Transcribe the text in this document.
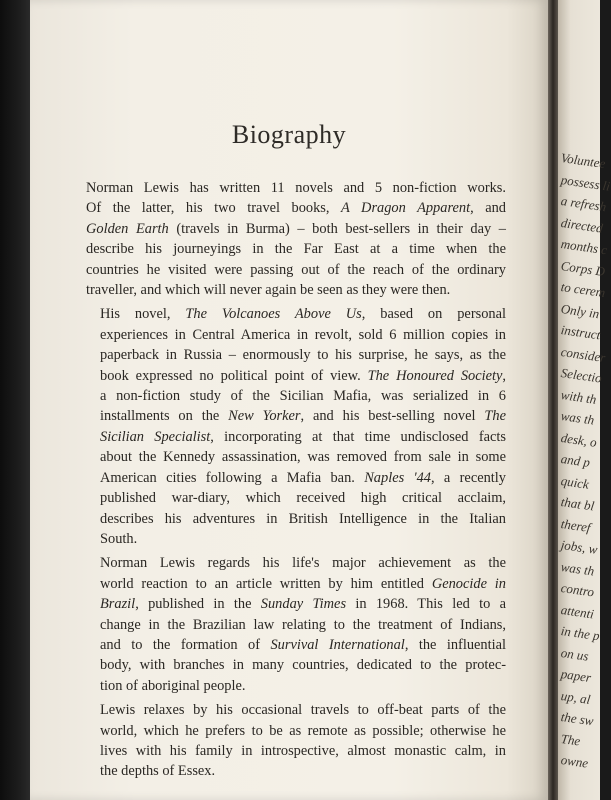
Voluntee
possess li
a refresh
directed
months c
Corps D
to cerem
Only in
instruct
consider
Selectio
with th
was th
desk, o
and p
quick
that bl
theref
jobs, w
was th
contro
attenti
in the p
on us
paper
up, al
the sw
The
owne
Biography

Norman Lewis has written 11 novels and 5 non-fiction works.
Of the latter, his two travel books, A Dragon Apparent, and
Golden Earth (travels in Burma) – both best-sellers in their day –
describe his journeyings in the Far East at a time when the
countries he visited were passing out of the reach of the ordinary
traveller, and which will never again be seen as they were then.

His novel, The Volcanoes Above Us, based on personal
experiences in Central America in revolt, sold 6 million copies in
paperback in Russia – enormously to his surprise, he says, as the
book expressed no political point of view. The Honoured Society,
a non-fiction study of the Sicilian Mafia, was serialized in 6
installments on the New Yorker, and his best-selling novel The
Sicilian Specialist, incorporating at that time undisclosed facts
about the Kennedy assassination, was removed from sale in some
American cities following a Mafia ban. Naples '44, a recently
published war-diary, which received high critical acclaim,
describes his adventures in British Intelligence in the Italian
South.

Norman Lewis regards his life's major achievement as the
world reaction to an article written by him entitled Genocide in
Brazil, published in the Sunday Times in 1968. This led to a
change in the Brazilian law relating to the treatment of Indians,
and to the formation of Survival International, the influential
body, with branches in many countries, dedicated to the protec-
tion of aboriginal people.

Lewis relaxes by his occasional travels to off-beat parts of the
world, which he prefers to be as remote as possible; otherwise he
lives with his family in introspective, almost monastic calm, in
the depths of Essex.
